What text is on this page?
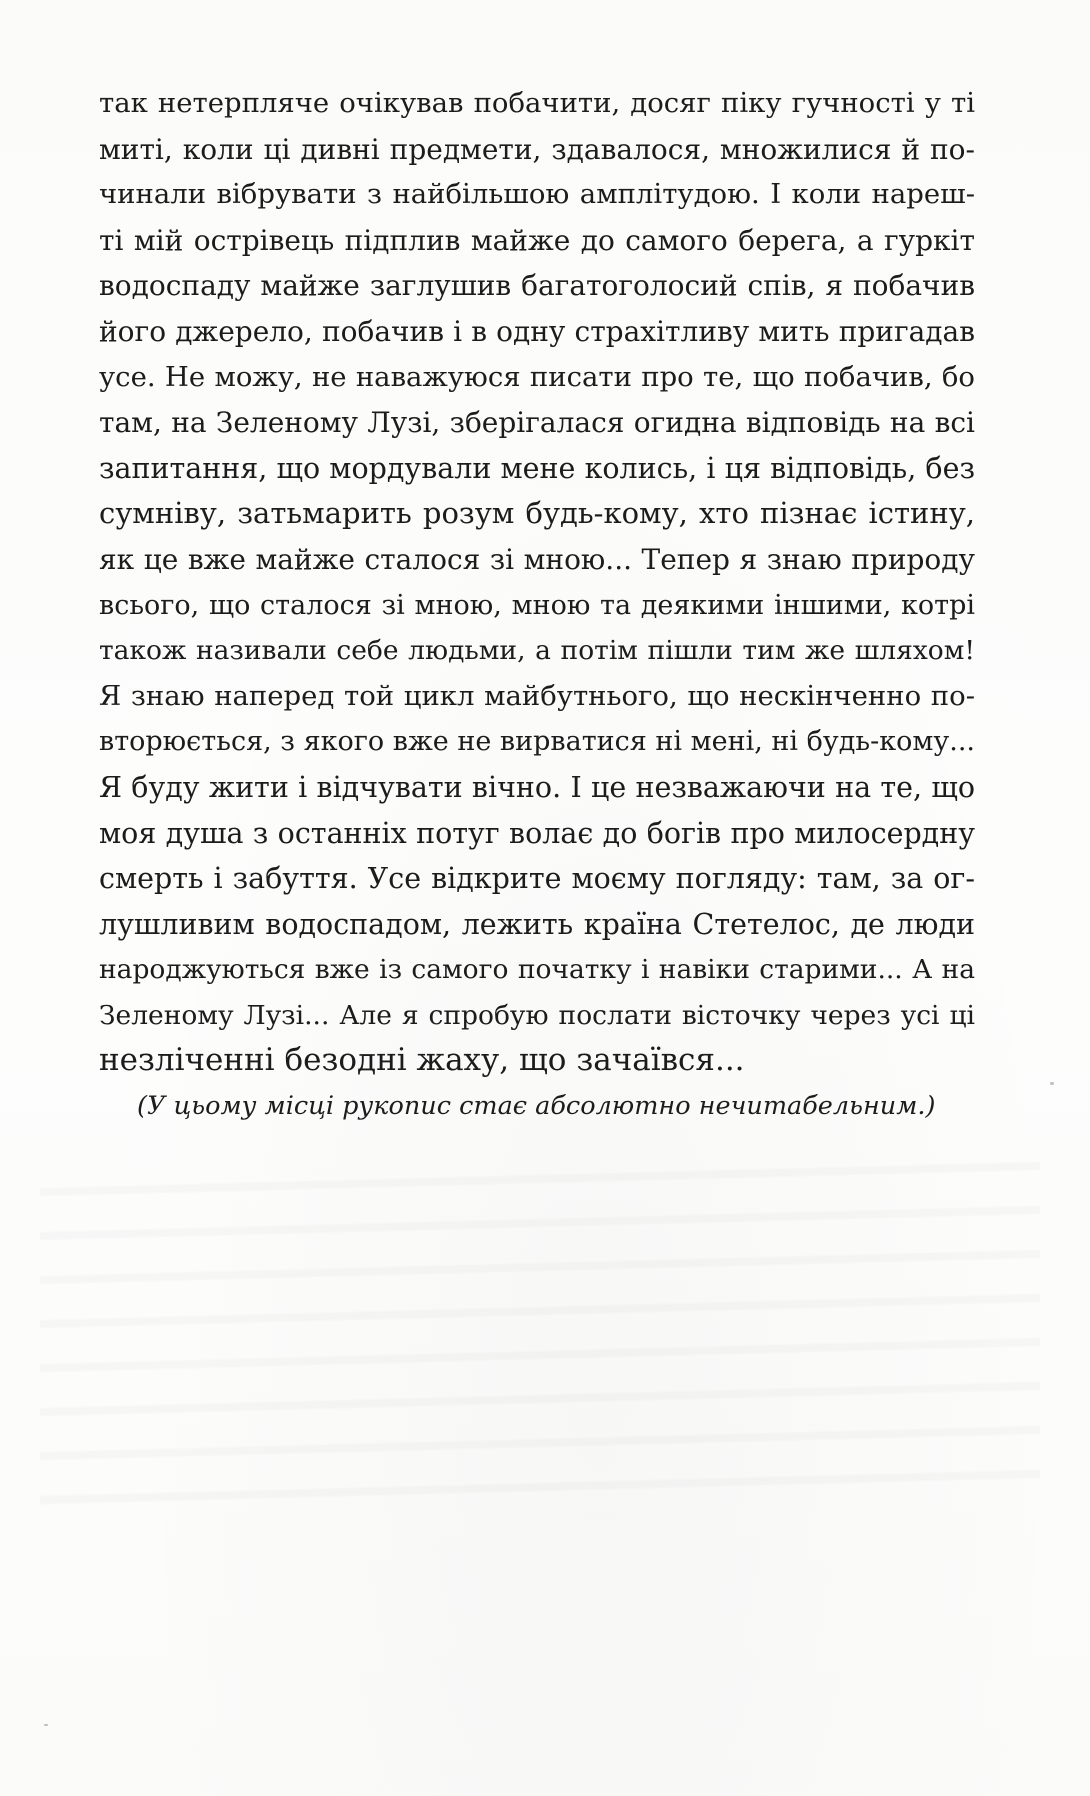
так нетерпляче очікував побачити, досяг піку гучності у ті
миті, коли ці дивні предмети, здавалося, множилися й по-
чинали вібрувати з найбільшою амплітудою. І коли нареш-
ті мій острівець підплив майже до самого берега, а гуркіт
водоспаду майже заглушив багатоголосий спів, я побачив
його джерело, побачив і в одну страхітливу мить пригадав
усе. Не можу, не наважуюся писати про те, що побачив, бо
там, на Зеленому Лузі, зберігалася огидна відповідь на всі
запитання, що мордували мене колись, і ця відповідь, без
сумніву, затьмарить розум будь-кому, хто пізнає істину,
як це вже майже сталося зі мною... Тепер я знаю природу
всього, що сталося зі мною, мною та деякими іншими, котрі
також називали себе людьми, а потім пішли тим же шляхом!
Я знаю наперед той цикл майбутнього, що нескінченно по-
вторюється, з якого вже не вирватися ні мені, ні будь-кому...
Я буду жити і відчувати вічно. І це незважаючи на те, що
моя душа з останніх потуг волає до богів про милосердну
смерть і забуття. Усе відкрите моєму погляду: там, за ог-
лушливим водоспадом, лежить країна Стетелос, де люди
народжуються вже із самого початку і навіки старими... А на
Зеленому Лузі... Але я спробую послати вісточку через усі ці
незліченні безодні жаху, що зачаївся...
(У цьому місці рукопис стає абсолютно нечитабельним.)
